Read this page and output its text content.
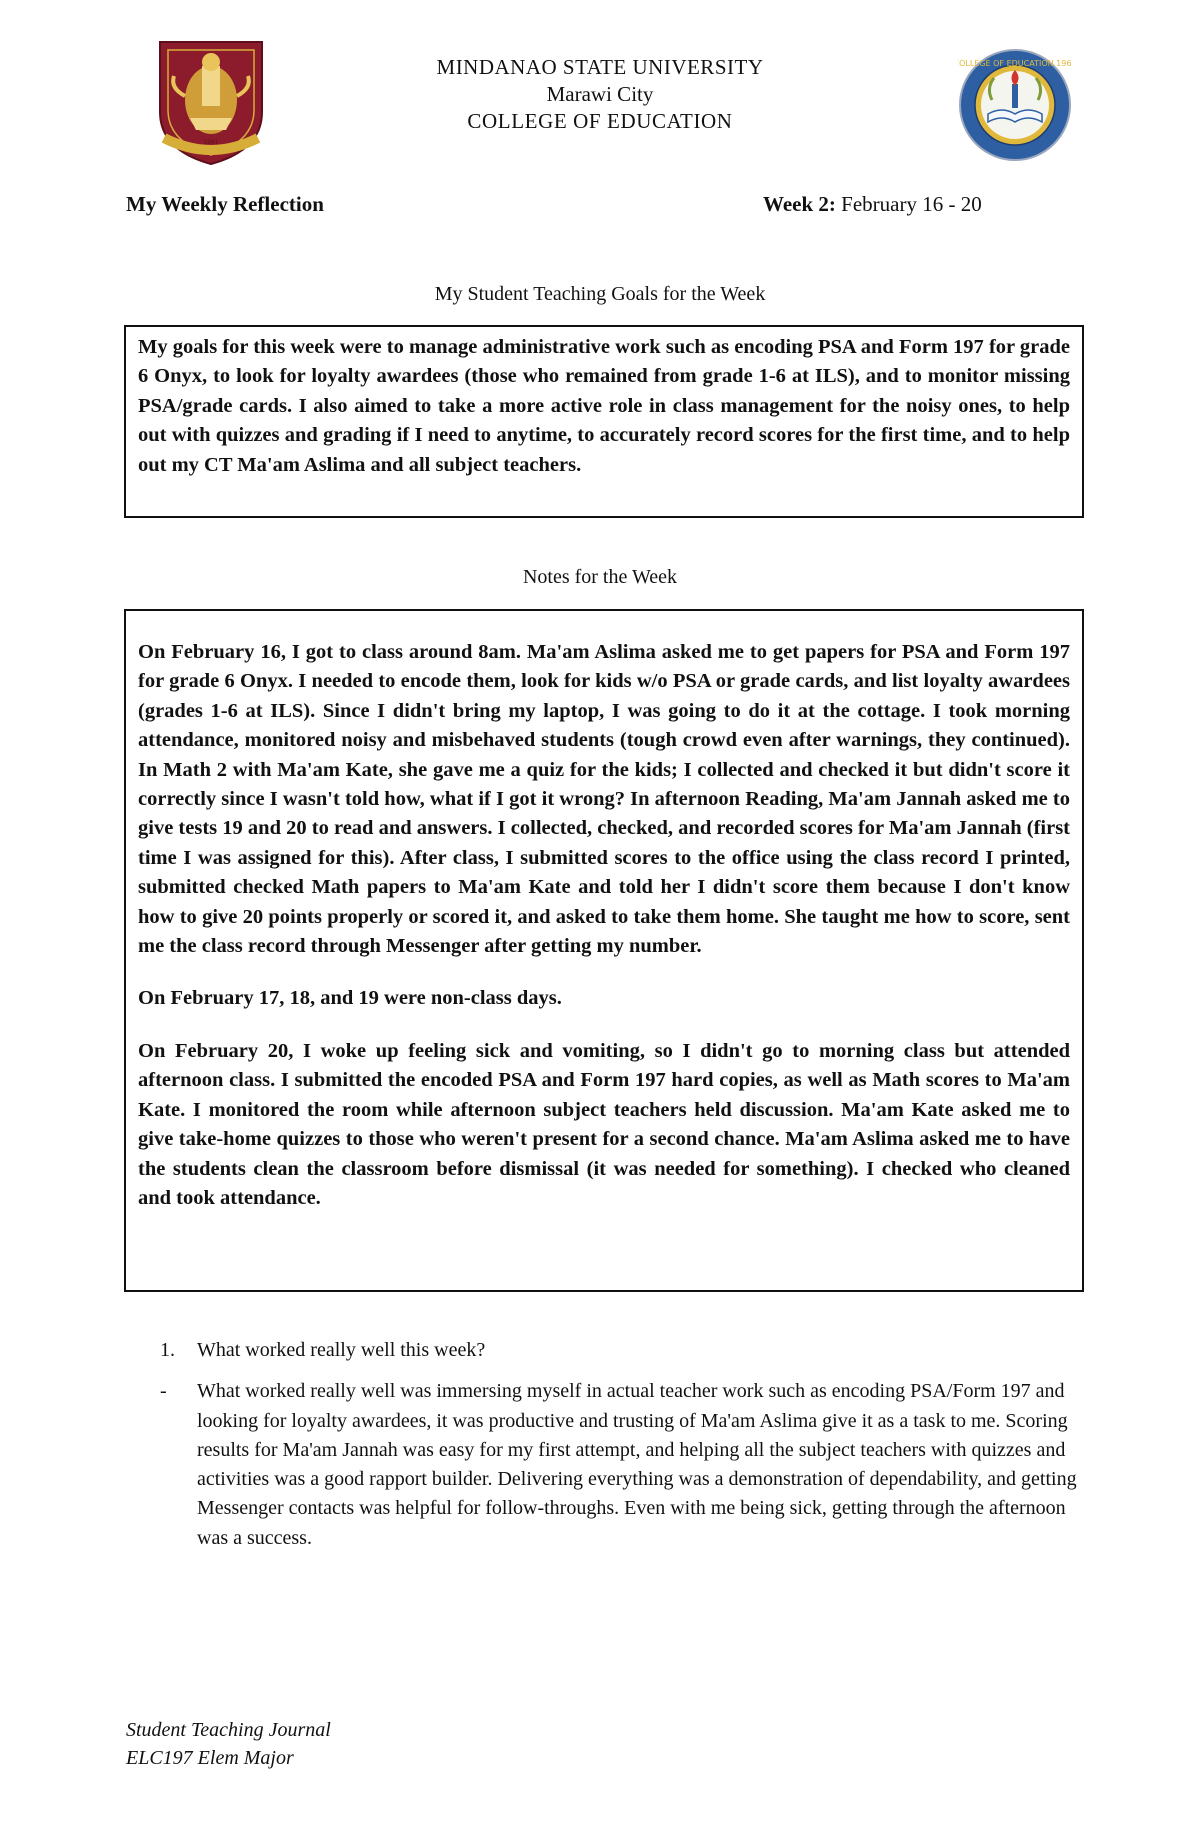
1961
MINDANAO STATE UNIVERSITY
Marawi City
COLLEGE OF EDUCATION
COLLEGE OF EDUCATION 1961
My Weekly Reflection	Week 2: February 16 - 20
My Student Teaching Goals for the Week
My goals for this week were to manage administrative work such as encoding PSA and Form 197 for grade 6 Onyx, to look for loyalty awardees (those who remained from grade 1-6 at ILS), and to monitor missing PSA/grade cards. I also aimed to take a more active role in class management for the noisy ones, to help out with quizzes and grading if I need to anytime, to accurately record scores for the first time, and to help out my CT Ma'am Aslima and all subject teachers.
Notes for the Week

On February 16, I got to class around 8am. Ma'am Aslima asked me to get papers for PSA and Form 197 for grade 6 Onyx. I needed to encode them, look for kids w/o PSA or grade cards, and list loyalty awardees (grades 1-6 at ILS). Since I didn't bring my laptop, I was going to do it at the cottage. I took morning attendance, monitored noisy and misbehaved students (tough crowd even after warnings, they continued). In Math 2 with Ma'am Kate, she gave me a quiz for the kids; I collected and checked it but didn't score it correctly since I wasn't told how, what if I got it wrong? In afternoon Reading, Ma'am Jannah asked me to give tests 19 and 20 to read and answers. I collected, checked, and recorded scores for Ma'am Jannah (first time I was assigned for this). After class, I submitted scores to the office using the class record I printed, submitted checked Math papers to Ma'am Kate and told her I didn't score them because I don't know how to give 20 points properly or scored it, and asked to take them home. She taught me how to score, sent me the class record through Messenger after getting my number.

On February 17, 18, and 19 were non-class days.

On February 20, I woke up feeling sick and vomiting, so I didn't go to morning class but attended afternoon class. I submitted the encoded PSA and Form 197 hard copies, as well as Math scores to Ma'am Kate. I monitored the room while afternoon subject teachers held discussion. Ma'am Kate asked me to give take-home quizzes to those who weren't present for a second chance. Ma'am Aslima asked me to have the students clean the classroom before dismissal (it was needed for something). I checked who cleaned and took attendance.

1.	What worked really well this week?
-	What worked really well was immersing myself in actual teacher work such as encoding PSA/Form 197 and looking for loyalty awardees, it was productive and trusting of Ma'am Aslima give it as a task to me. Scoring results for Ma'am Jannah was easy for my first attempt, and helping all the subject teachers with quizzes and activities was a good rapport builder. Delivering everything was a demonstration of dependability, and getting Messenger contacts was helpful for follow-throughs. Even with me being sick, getting through the afternoon was a success.
Student Teaching Journal
ELC197 Elem Major
